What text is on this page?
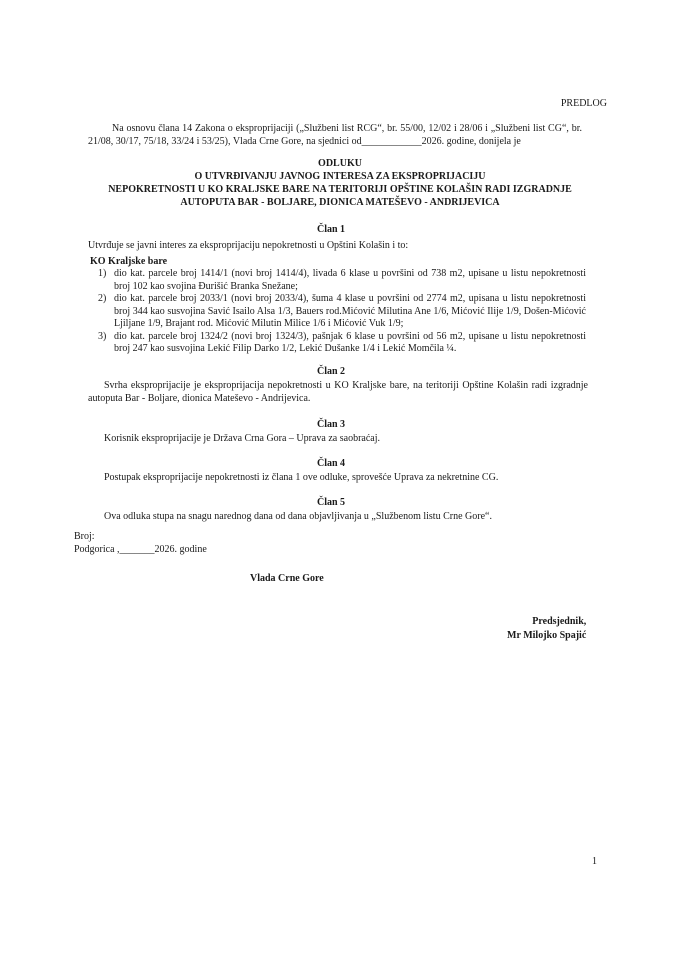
PREDLOG
Na osnovu člana 14 Zakona o eksproprijaciji („Službeni list RCG“, br. 55/00, 12/02 i 28/06 i „Službeni list CG“, br. 21/08, 30/17, 75/18, 33/24 i 53/25), Vlada Crne Gore, na sjednici od____________2026. godine, donijela je
ODLUKU
O UTVRĐIVANJU JAVNOG INTERESA ZA EKSPROPRIJACIJU
NEPOKRETNOSTI U KO KRALJSKE BARE NA TERITORIJI OPŠTINE KOLAŠIN RADI IZGRADNJE
AUTOPUTA BAR - BOLJARE, DIONICA MATEŠEVO - ANDRIJEVICA
Član 1
Utvrđuje se javni interes za eksproprijaciju nepokretnosti u Opštini Kolašin i to:
KO Kraljske bare
1) dio kat. parcele broj 1414/1 (novi broj 1414/4), livada 6 klase u površini od 738 m2, upisane u listu nepokretnosti broj 102 kao svojina Đurišić Branka Snežane;
2) dio kat. parcele broj 2033/1 (novi broj 2033/4), šuma 4 klase u površini od 2774 m2, upisana u listu nepokretnosti broj 344 kao susvojina Savić Isailo Alsa 1/3, Bauers rod.Mićović Milutina Ane 1/6, Mićović Ilije 1/9, Došen-Mićović Ljiljane 1/9, Brajant rod. Mićović Milutin Milice 1/6 i Mićović Vuk 1/9;
3) dio kat. parcele broj 1324/2 (novi broj 1324/3), pašnjak 6 klase u površini od 56 m2, upisane u listu nepokretnosti broj 247 kao susvojina Lekić Filip Darko 1/2, Lekić Dušanke 1/4 i Lekić Momčila ¼.
Član 2
Svrha eksproprijacije je eksproprijacija nepokretnosti u KO Kraljske bare, na teritoriji Opštine Kolašin radi izgradnje autoputa Bar - Boljare, dionica Mateševo - Andrijevica.
Član 3
Korisnik eksproprijacije je Država Crna Gora – Uprava za saobraćaj.
Član 4
Postupak eksproprijacije nepokretnosti iz člana 1 ove odluke, sprovešće Uprava za nekretnine CG.
Član 5
Ova odluka stupa na snagu narednog dana od dana objavljivanja u „Službenom listu Crne Gore“.
Broj:
Podgorica ,_______2026. godine
Vlada Crne Gore
Predsjednik,
Mr Milojko Spajić
1
